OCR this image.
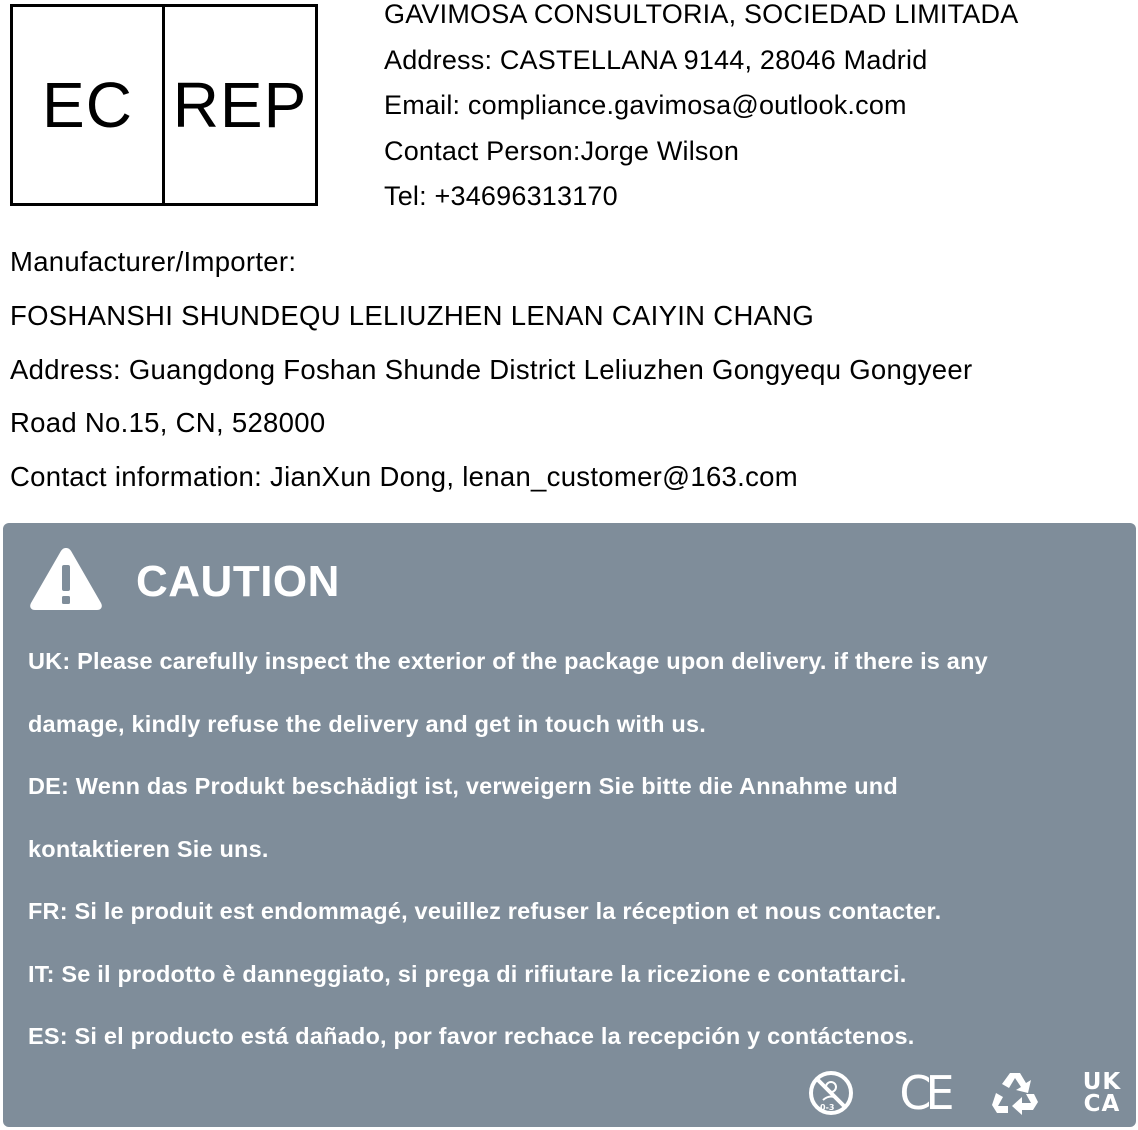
EC REP
GAVIMOSA CONSULTORIA, SOCIEDAD LIMITADA
Address: CASTELLANA 9144, 28046 Madrid
Email: compliance.gavimosa@outlook.com
Contact Person:Jorge Wilson
Tel: +34696313170
Manufacturer/Importer:
FOSHANSHI SHUNDEQU LELIUZHEN LENAN CAIYIN CHANG
Address: Guangdong Foshan Shunde District Leliuzhen Gongyequ Gongyeer
Road No.15, CN, 528000
Contact information: JianXun Dong, lenan_customer@163.com
CAUTION
UK: Please carefully inspect the exterior of the package upon delivery. if there is any
damage, kindly refuse the delivery and get in touch with us.
DE: Wenn das Produkt beschädigt ist, verweigern Sie bitte die Annahme und
kontaktieren Sie uns.
FR: Si le produit est endommagé, veuillez refuser la réception et nous contacter.
IT: Se il prodotto è danneggiato, si prega di rifiutare la ricezione e contattarci.
ES: Si el producto está dañado, por favor rechace la recepción y contáctenos.
0-3 CE	UK
CA
